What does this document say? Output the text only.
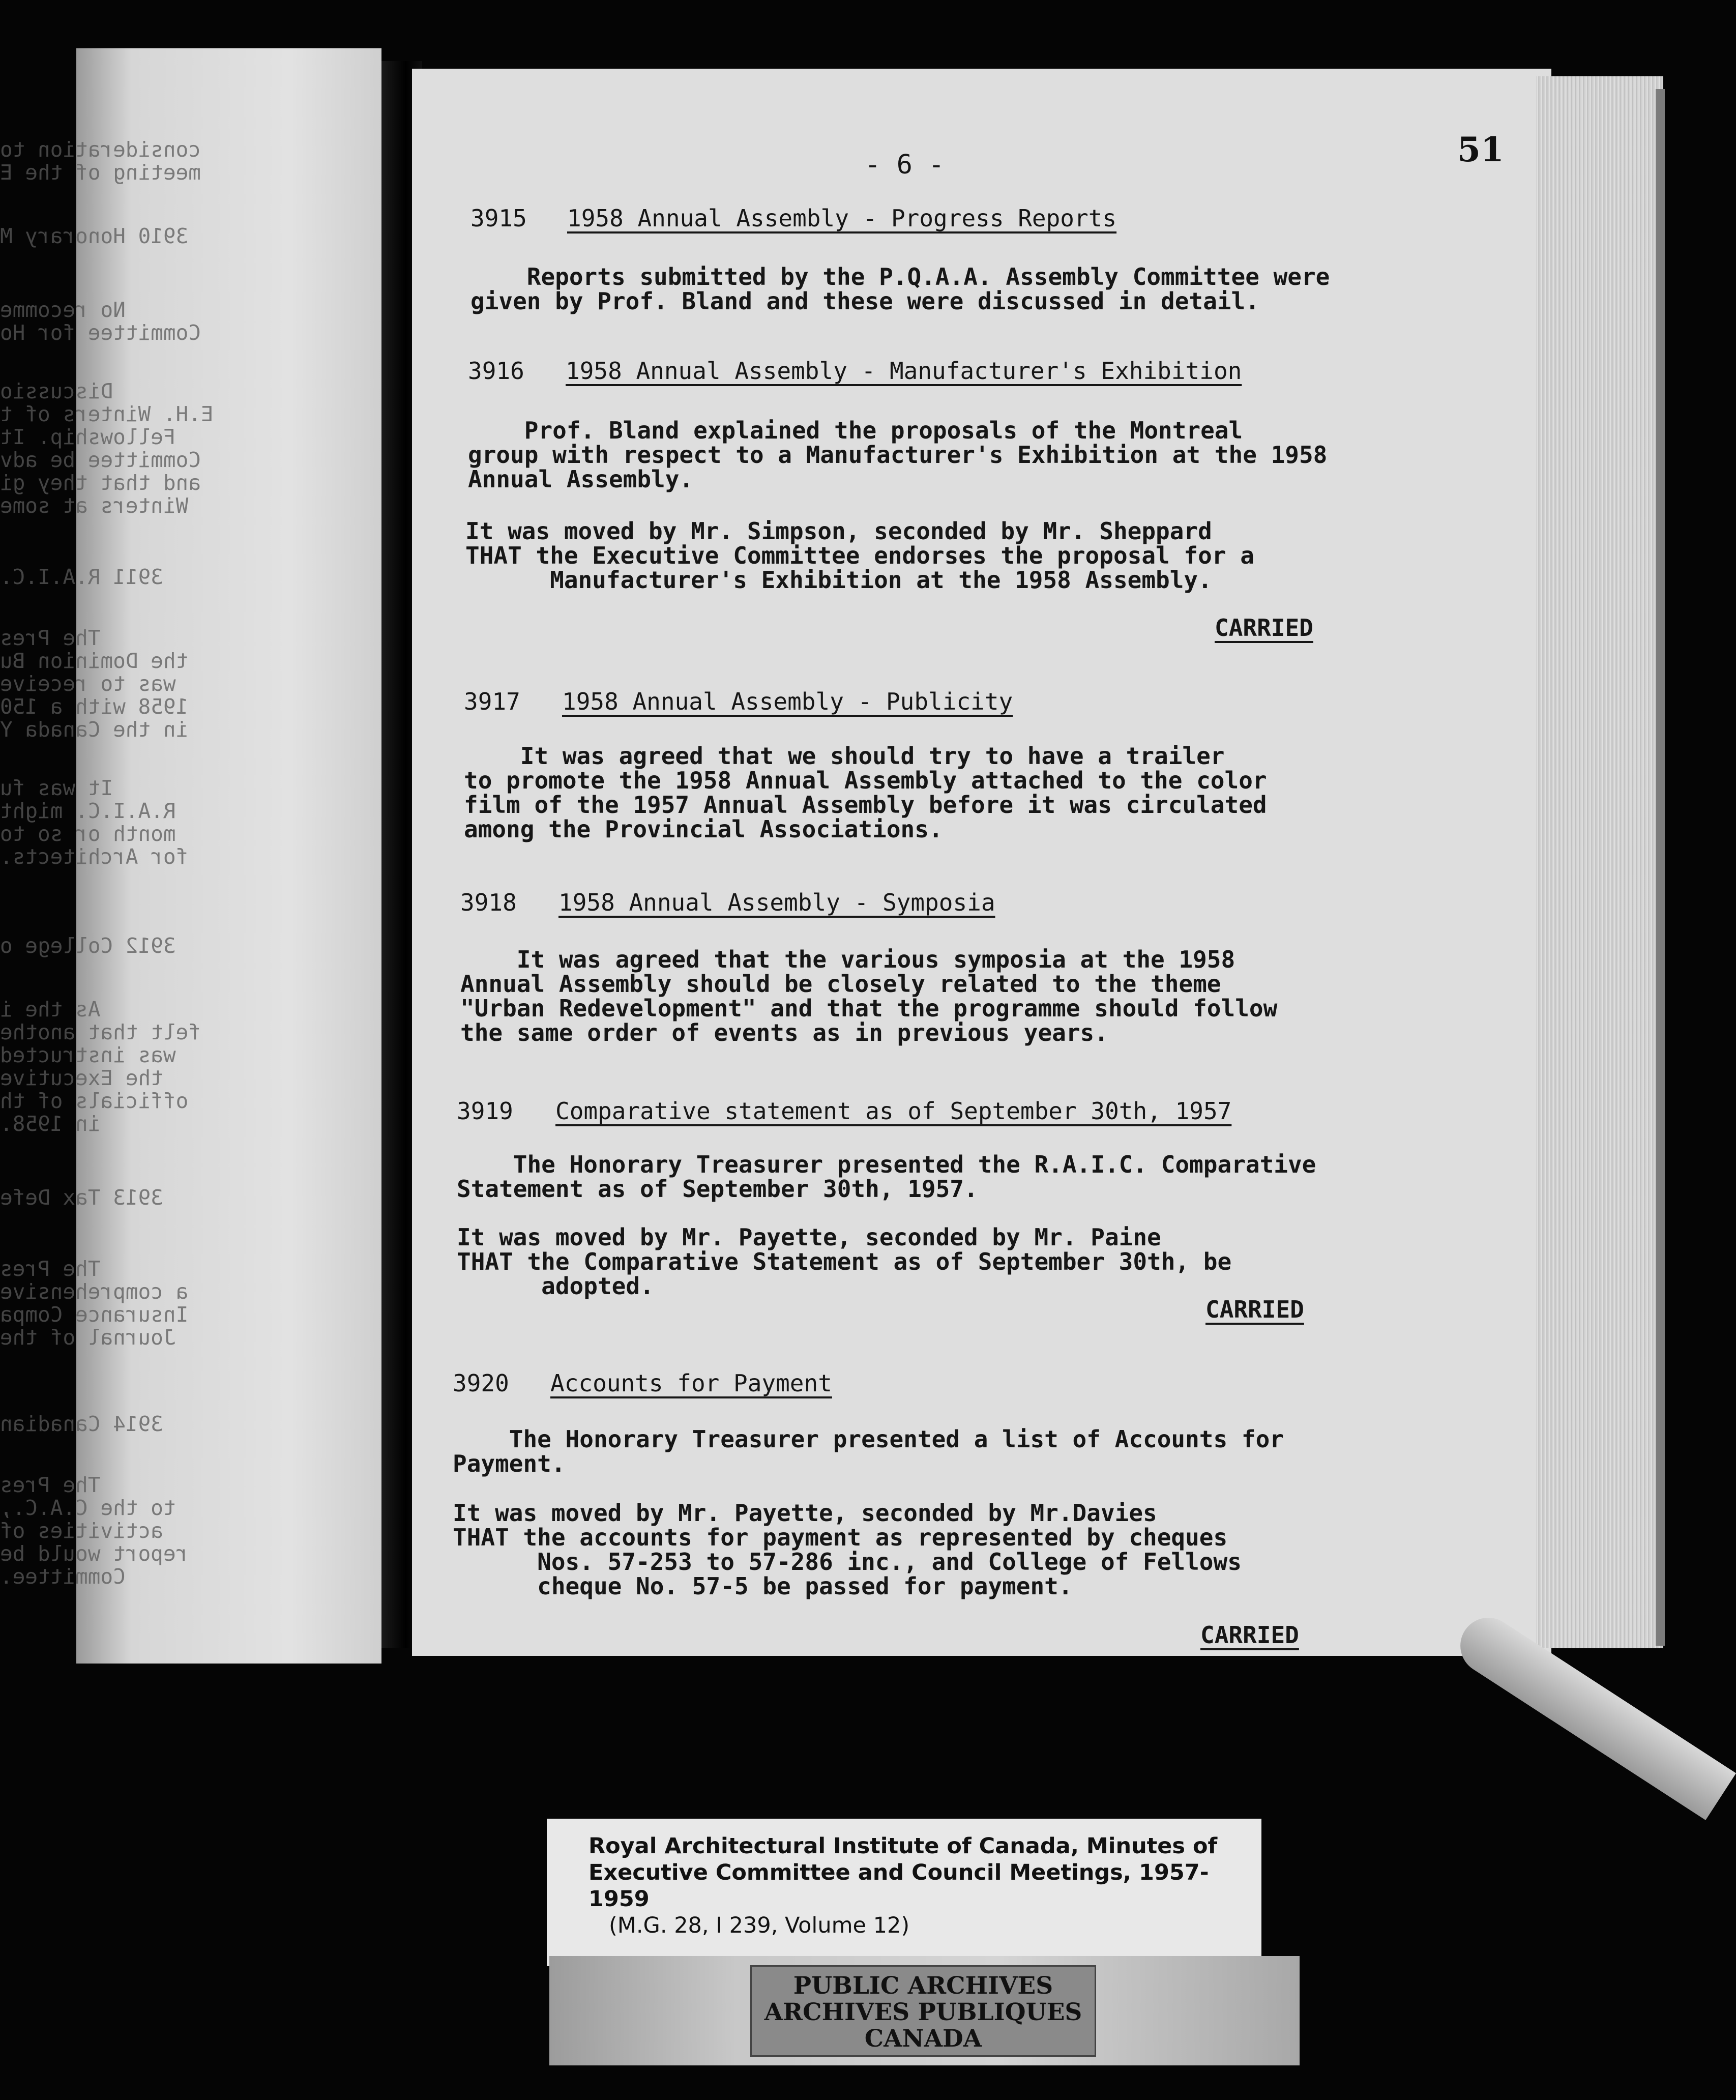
consideration to
meeting of the E
3910 Honorary M
No recomme
Committee for Ho
Discussio
E.H. Winters of t
Fellowship. It
Committee be adv
and that they gi
Winters at some
3911 R.A.I.C.
The Pres
the Dominion Bu
was to receive
1958 with a 150
in the Canada Y
It was fu
R.A.I.C. might
month or so to
for Architects.
3912 College o
As the i
felt that anothe
was instructed
the Executive
officials of th
in 1958.
3913 Tax Defe
The Pres
a comprehensive
Insurance Compa
Journal of the
3914 Canadian
The Pres
to the C.A.C.,
activities of
report would be
Committee.
- 6 -	51
3915 1958 Annual Assembly - Progress Reports
Reports submitted by the P.Q.A.A. Assembly Committee were
given by Prof. Bland and these were discussed in detail.
3916 1958 Annual Assembly - Manufacturer's Exhibition
Prof. Bland explained the proposals of the Montreal
group with respect to a Manufacturer's Exhibition at the 1958
Annual Assembly.
It was moved by Mr. Simpson, seconded by Mr. Sheppard
THAT the Executive Committee endorses the proposal for a
Manufacturer's Exhibition at the 1958 Assembly.
CARRIED
3917 1958 Annual Assembly - Publicity
It was agreed that we should try to have a trailer
to promote the 1958 Annual Assembly attached to the color
film of the 1957 Annual Assembly before it was circulated
among the Provincial Associations.
3918 1958 Annual Assembly - Symposia
It was agreed that the various symposia at the 1958
Annual Assembly should be closely related to the theme
"Urban Redevelopment" and that the programme should follow
the same order of events as in previous years.
3919 Comparative statement as of September 30th, 1957
The Honorary Treasurer presented the R.A.I.C. Comparative
Statement as of September 30th, 1957.
It was moved by Mr. Payette, seconded by Mr. Paine
THAT the Comparative Statement as of September 30th, be
adopted.
CARRIED
3920 Accounts for Payment
The Honorary Treasurer presented a list of Accounts for
Payment.
It was moved by Mr. Payette, seconded by Mr.Davies
THAT the accounts for payment as represented by cheques
Nos. 57-253 to 57-286 inc., and College of Fellows
cheque No. 57-5 be passed for payment.
CARRIED
Royal Architectural Institute of Canada, Minutes of
Executive Committee and Council Meetings, 1957-1959
(M.G. 28, I 239, Volume 12)
PUBLIC ARCHIVES
ARCHIVES PUBLIQUES
CANADA
